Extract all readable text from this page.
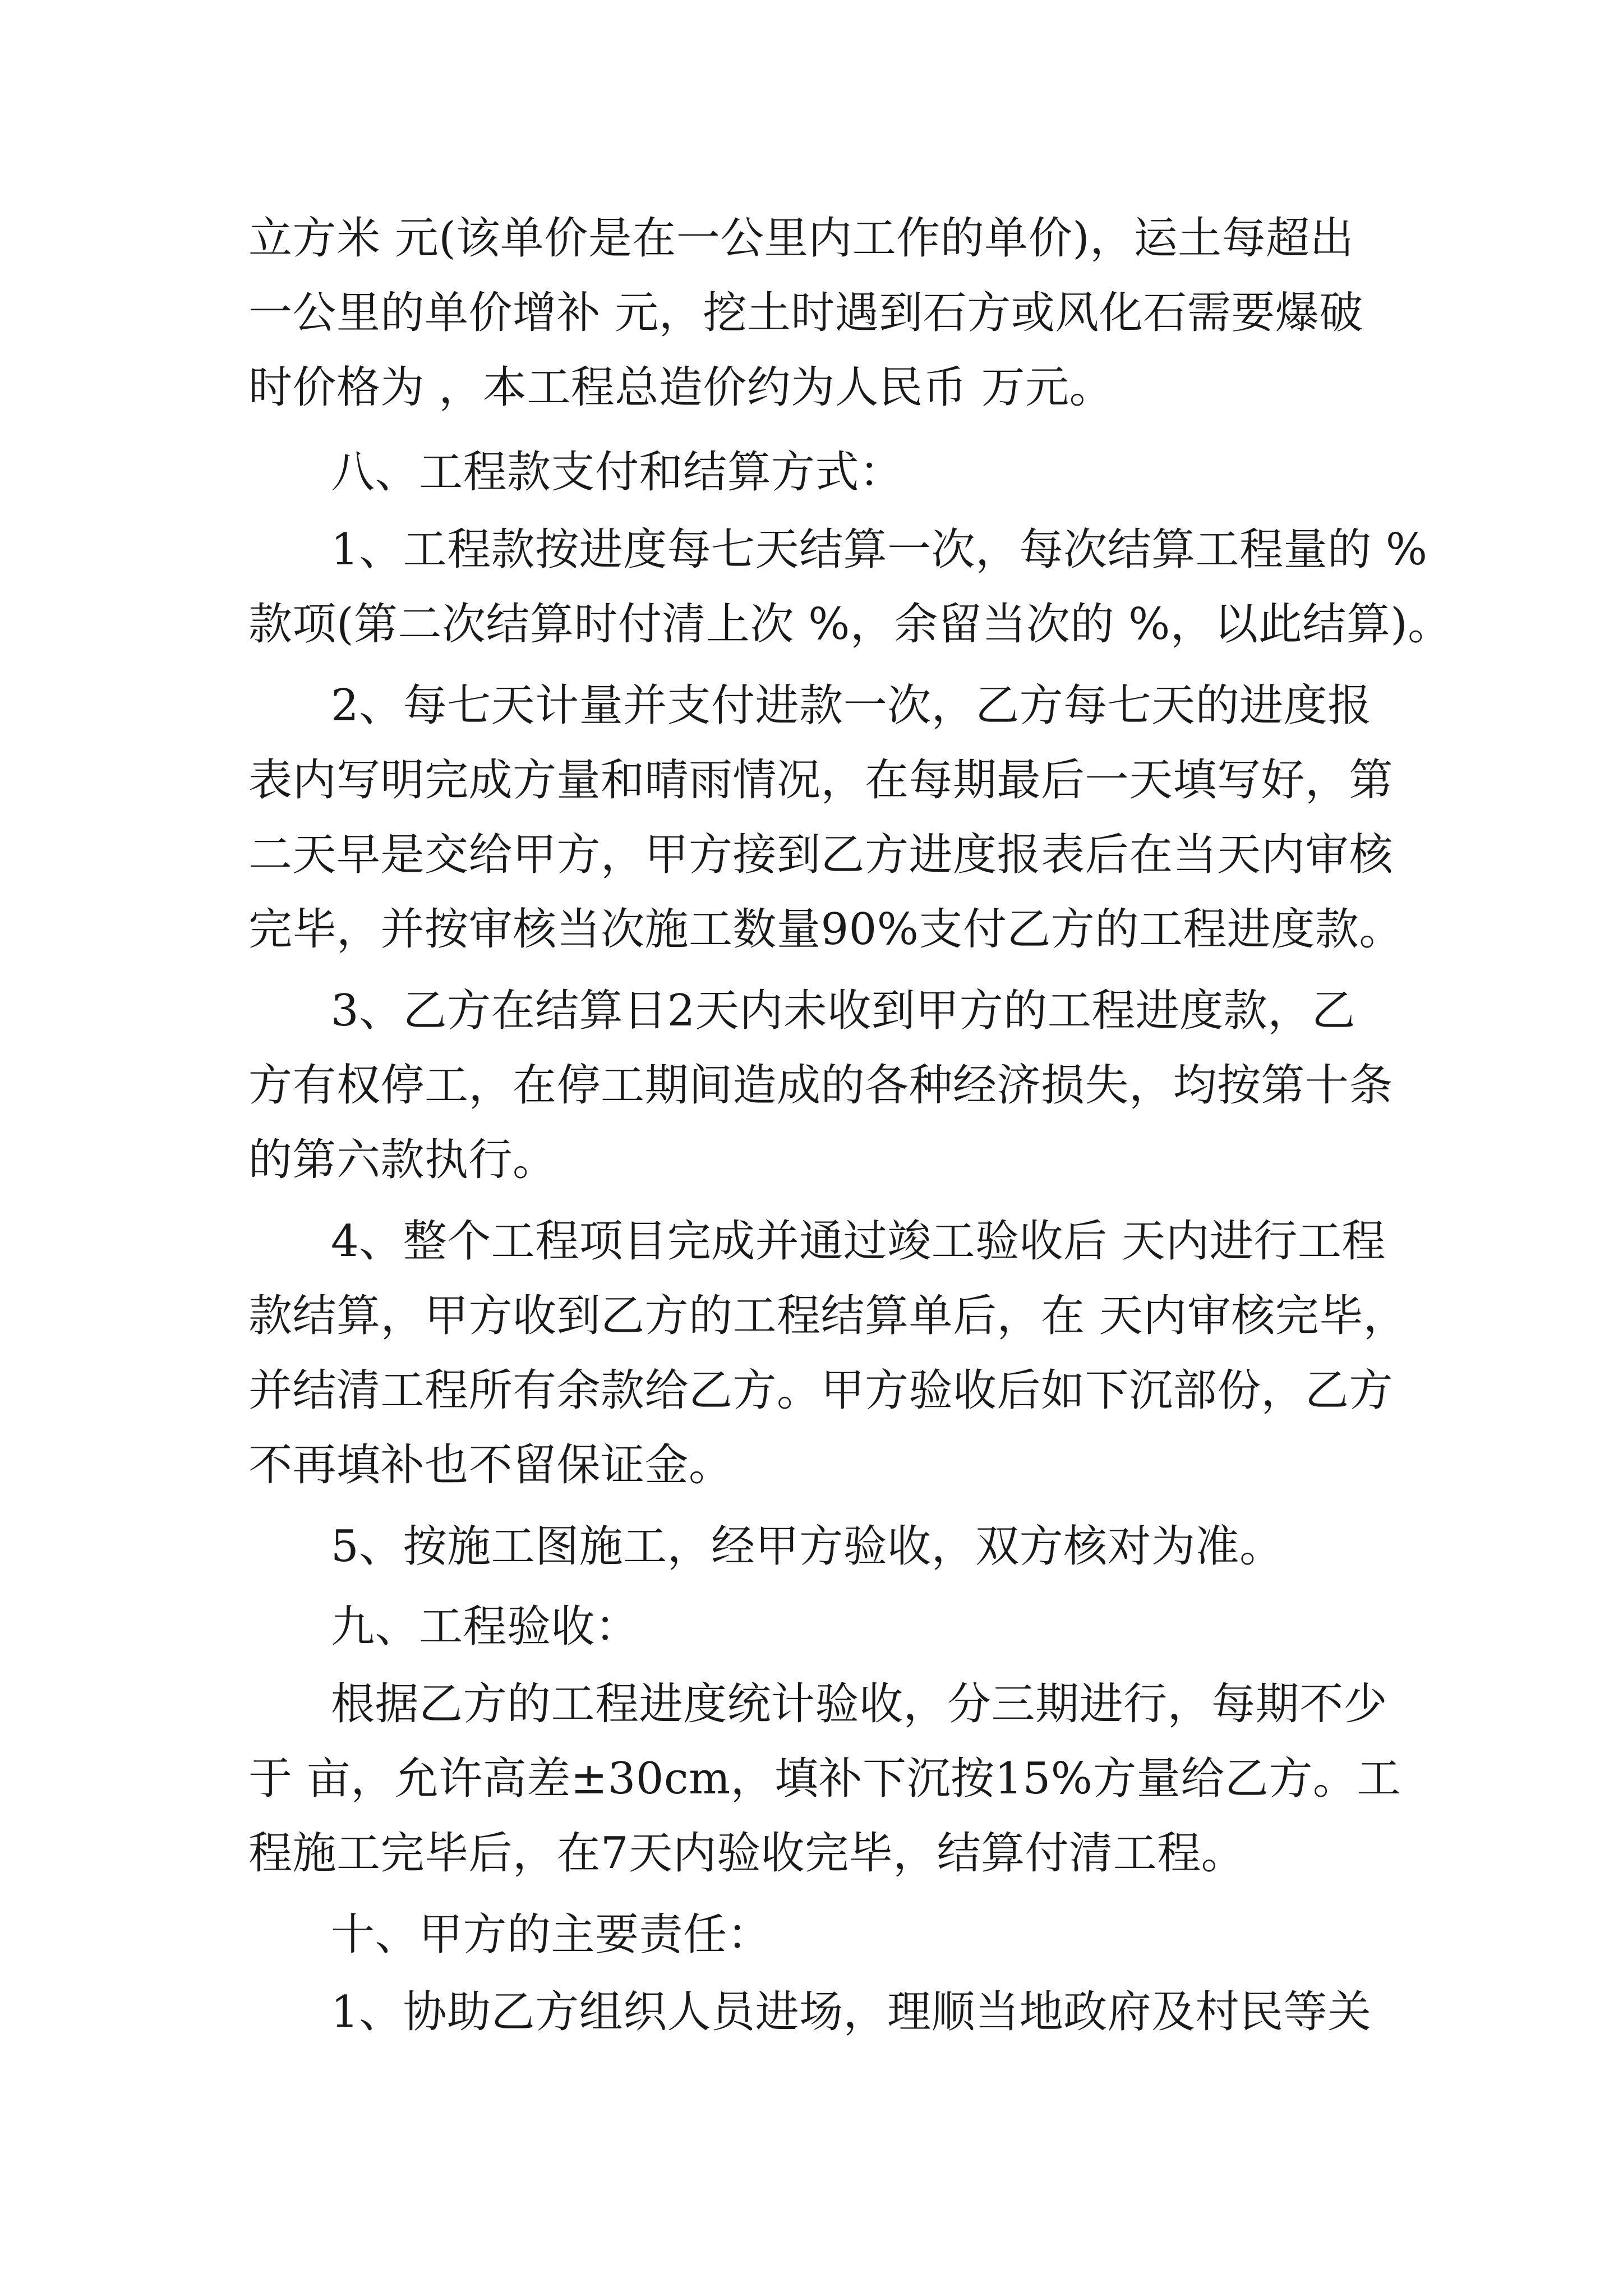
立方米 元(该单价是在一公里内工作的单价)，运土每超出
一公里的单价增补 元，挖土时遇到石方或风化石需要爆破
时价格为 ，本工程总造价约为人民币 万元。
八、工程款支付和结算方式：
1、工程款按进度每七天结算一次，每次结算工程量的 %
款项(第二次结算时付清上次 %，余留当次的 %，以此结算)。
2、每七天计量并支付进款一次，乙方每七天的进度报
表内写明完成方量和晴雨情况，在每期最后一天填写好，第
二天早是交给甲方，甲方接到乙方进度报表后在当天内审核
完毕，并按审核当次施工数量90%支付乙方的工程进度款。
3、乙方在结算日2天内未收到甲方的工程进度款，乙
方有权停工，在停工期间造成的各种经济损失，均按第十条
的第六款执行。
4、整个工程项目完成并通过竣工验收后 天内进行工程
款结算，甲方收到乙方的工程结算单后，在 天内审核完毕，
并结清工程所有余款给乙方。甲方验收后如下沉部份，乙方
不再填补也不留保证金。
5、按施工图施工，经甲方验收，双方核对为准。
九、工程验收：
根据乙方的工程进度统计验收，分三期进行，每期不少
于 亩，允许高差±30cm，填补下沉按15%方量给乙方。工
程施工完毕后，在7天内验收完毕，结算付清工程。
十、甲方的主要责任：
1、协助乙方组织人员进场，理顺当地政府及村民等关
